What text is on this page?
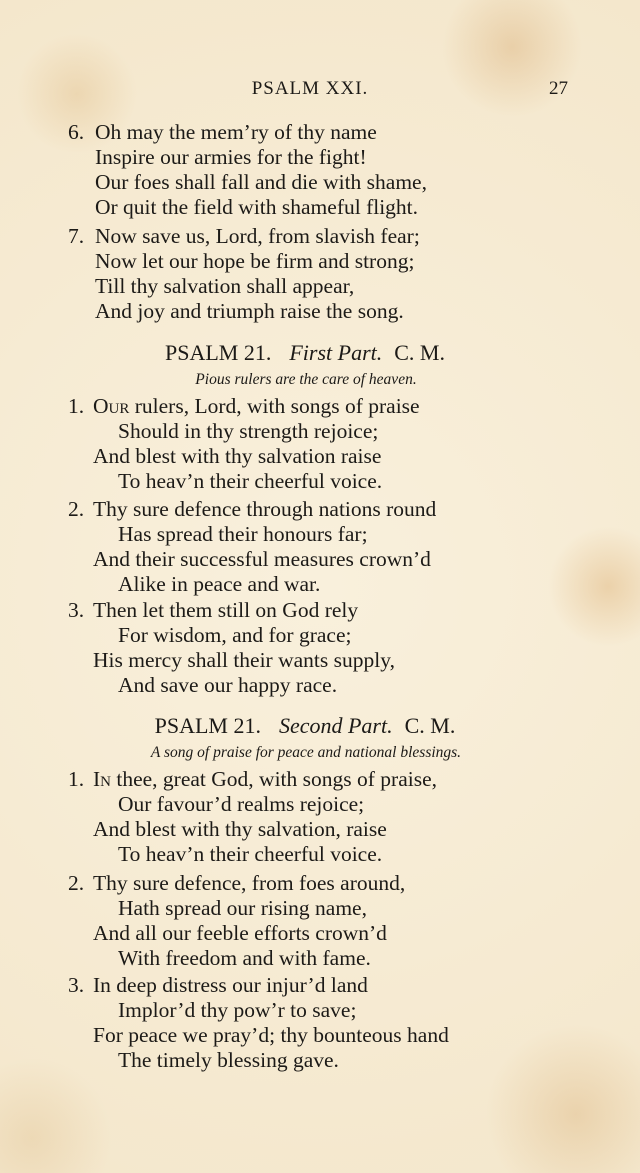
PSALM XXI.	27
6. Oh may the mem’ry of thy name
Inspire our armies for the fight!
Our foes shall fall and die with shame,
Or quit the field with shameful flight.
7. Now save us, Lord, from slavish fear;
Now let our hope be firm and strong;
Till thy salvation shall appear,
And joy and triumph raise the song.
PSALM 21. First Part. C. M.
Pious rulers are the care of heaven.
1. Our rulers, Lord, with songs of praise
Should in thy strength rejoice;
And blest with thy salvation raise
To heav’n their cheerful voice.
2. Thy sure defence through nations round
Has spread their honours far;
And their successful measures crown’d
Alike in peace and war.
3. Then let them still on God rely
For wisdom, and for grace;
His mercy shall their wants supply,
And save our happy race.
PSALM 21. Second Part. C. M.
A song of praise for peace and national blessings.
1. In thee, great God, with songs of praise,
Our favour’d realms rejoice;
And blest with thy salvation, raise
To heav’n their cheerful voice.
2. Thy sure defence, from foes around,
Hath spread our rising name,
And all our feeble efforts crown’d
With freedom and with fame.
3. In deep distress our injur’d land
Implor’d thy pow’r to save;
For peace we pray’d; thy bounteous hand
The timely blessing gave.
